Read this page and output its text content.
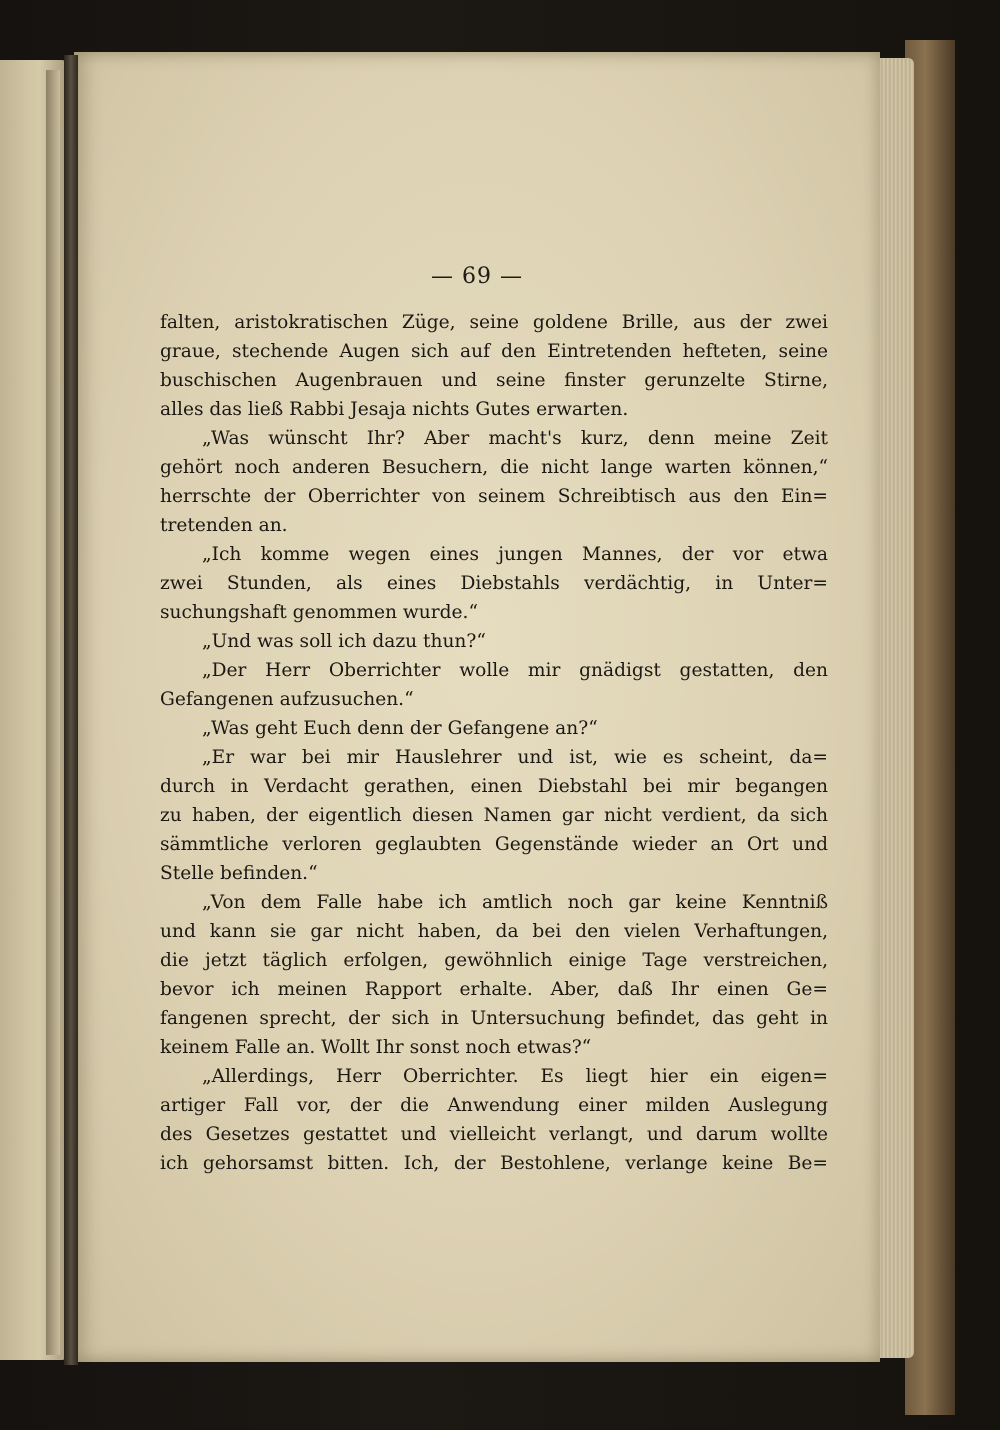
— 69 —
falten, aristokratischen Züge, seine goldene Brille, aus der zwei
graue, stechende Augen sich auf den Eintretenden hefteten, seine
buschischen Augenbrauen und seine finster gerunzelte Stirne,
alles das ließ Rabbi Jesaja nichts Gutes erwarten.
„Was wünscht Ihr? Aber macht's kurz, denn meine Zeit
gehört noch anderen Besuchern, die nicht lange warten können,“
herrschte der Oberrichter von seinem Schreibtisch aus den Ein=
tretenden an.
„Ich komme wegen eines jungen Mannes, der vor etwa
zwei Stunden, als eines Diebstahls verdächtig, in Unter=
suchungshaft genommen wurde.“
„Und was soll ich dazu thun?“
„Der Herr Oberrichter wolle mir gnädigst gestatten, den
Gefangenen aufzusuchen.“
„Was geht Euch denn der Gefangene an?“
„Er war bei mir Hauslehrer und ist, wie es scheint, da=
durch in Verdacht gerathen, einen Diebstahl bei mir begangen
zu haben, der eigentlich diesen Namen gar nicht verdient, da sich
sämmtliche verloren geglaubten Gegenstände wieder an Ort und
Stelle befinden.“
„Von dem Falle habe ich amtlich noch gar keine Kenntniß
und kann sie gar nicht haben, da bei den vielen Verhaftungen,
die jetzt täglich erfolgen, gewöhnlich einige Tage verstreichen,
bevor ich meinen Rapport erhalte. Aber, daß Ihr einen Ge=
fangenen sprecht, der sich in Untersuchung befindet, das geht in
keinem Falle an. Wollt Ihr sonst noch etwas?“
„Allerdings, Herr Oberrichter. Es liegt hier ein eigen=
artiger Fall vor, der die Anwendung einer milden Auslegung
des Gesetzes gestattet und vielleicht verlangt, und darum wollte
ich gehorsamst bitten. Ich, der Bestohlene, verlange keine Be=
